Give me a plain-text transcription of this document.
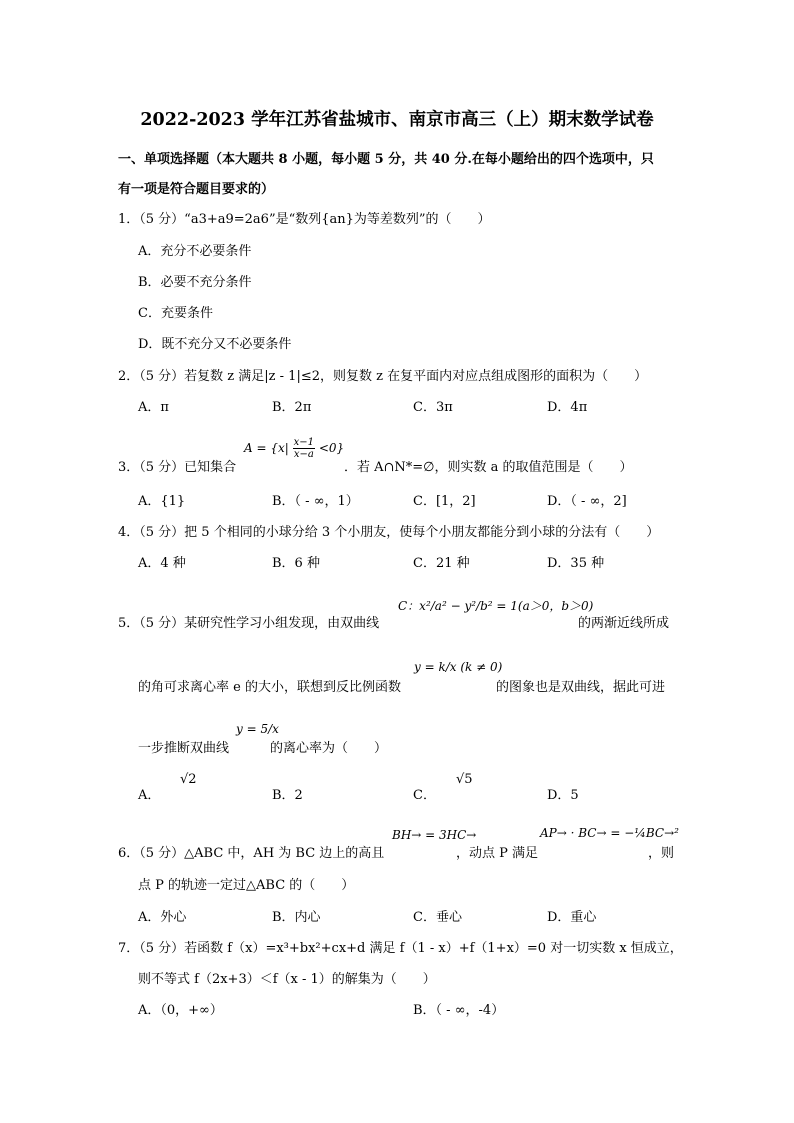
2022-2023 学年江苏省盐城市、南京市高三（上）期末数学试卷
一、单项选择题（本大题共 8 小题，每小题 5 分，共 40 分.在每小题给出的四个选项中，只
有一项是符合题目要求的）
1．（5 分）“a3+a9=2a6”是“数列{an}为等差数列”的（　　）
A．充分不必要条件
B．必要不充分条件
C．充要条件
D．既不充分又不必要条件
2．（5 分）若复数 z 满足|z - 1|≤2，则复数 z 在复平面内对应点组成图形的面积为（　　）
A．π	B．2π	C．3π	D．4π
3．（5 分）已知集合
$A = \{x| \frac{x-1}{x-a} <0\}$
．若 A∩N*=∅，则实数 a 的取值范围是（　　）
A．{1}	B．（ - ∞，1）	C．[1，2]	D．（ - ∞，2]
4．（5 分）把 5 个相同的小球分给 3 个小朋友，使每个小朋友都能分到小球的分法有（　　）
A．4 种	B．6 种	C．21 种	D．35 种
5．（5 分）某研究性学习小组发现，由双曲线
C：x²/a² − y²/b² = 1(a＞0，b＞0)
的两渐近线所成
的角可求离心率 e 的大小，联想到反比例函数
y = k/x (k ≠ 0)
的图象也是双曲线，据此可进
一步推断双曲线
y = 5/x
的离心率为（　　）
A．
√2
B．2	C．
√5
D．5
6．（5 分）△ABC 中，AH 为 BC 边上的高且
BH→ = 3HC→
，动点 P 满足
AP→ · BC→ = −¼BC→²
，则
点 P 的轨迹一定过△ABC 的（　　）
A．外心	B．内心	C．垂心	D．重心
7．（5 分）若函数 f（x）=x³+bx²+cx+d 满足 f（1 - x）+f（1+x）=0 对一切实数 x 恒成立，
则不等式 f（2x+3）＜f（x - 1）的解集为（　　）
A．（0，+∞）	B．（ - ∞，-4）
